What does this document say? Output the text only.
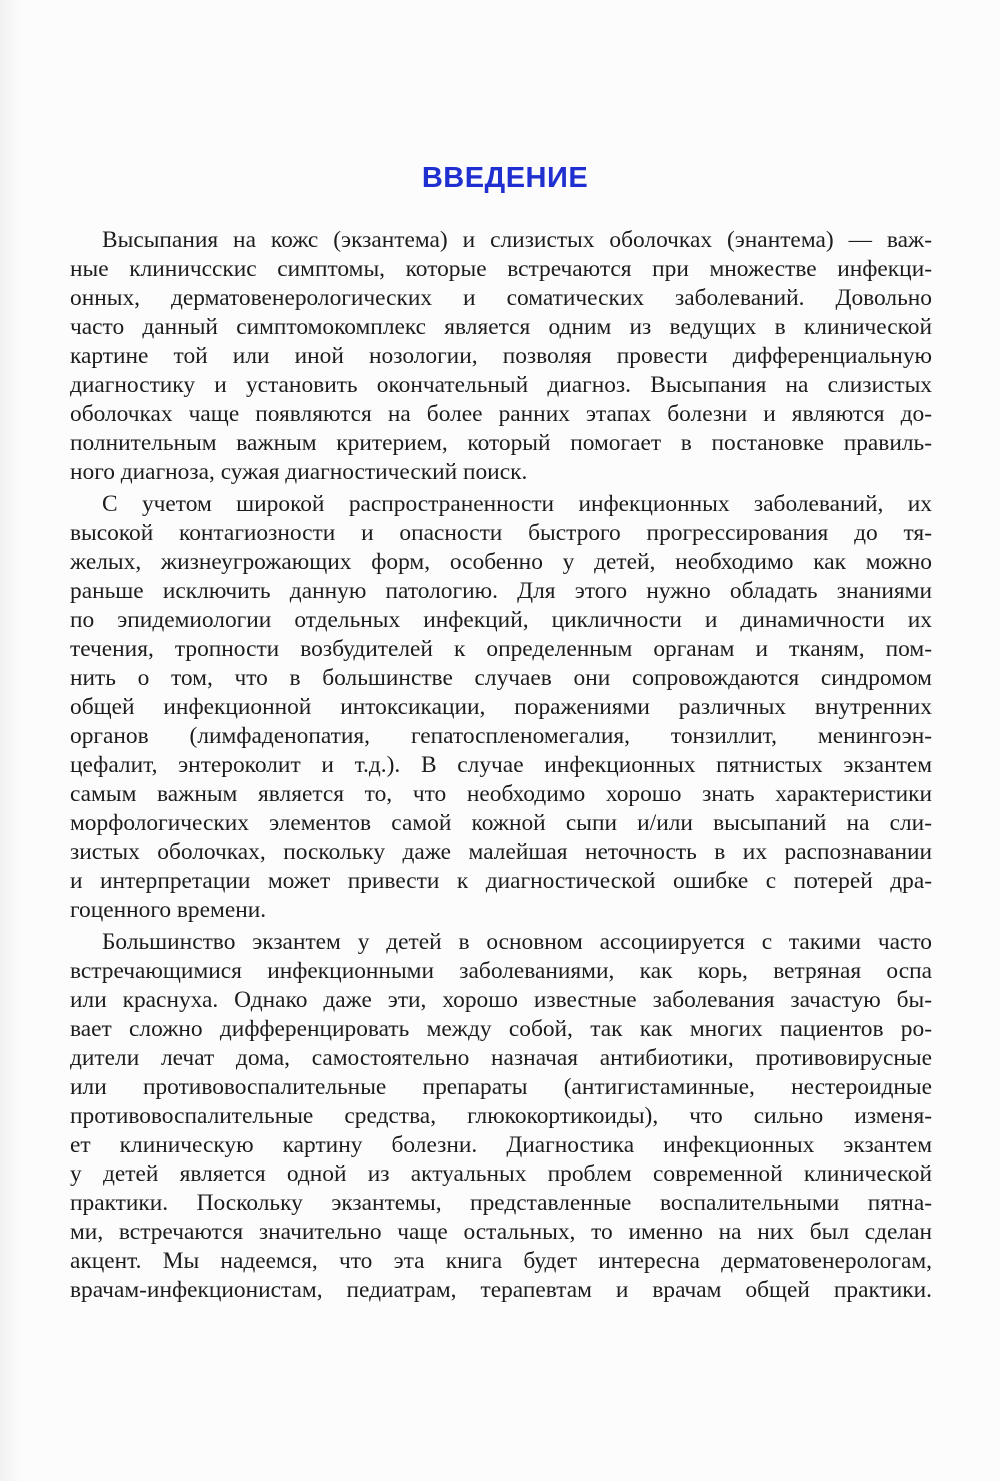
ВВЕДЕНИЕ
Высыпания на кожс (экзантема) и слизистых оболочках (энантема) — важ-
ные клиничсскис симптомы, которые встречаются при множестве инфекци-
онных, дерматовенерологических и соматических заболеваний. Довольно
часто данный симптомокомплекс является одним из ведущих в клинической
картине той или иной нозологии, позволяя провести дифференциальную
диагностику и установить окончательный диагноз. Высыпания на слизистых
оболочках чаще появляются на более ранних этапах болезни и являются до-
полнительным важным критерием, который помогает в постановке правиль-
ного диагноза, сужая диагностический поиск.
С учетом широкой распространенности инфекционных заболеваний, их
высокой контагиозности и опасности быстрого прогрессирования до тя-
желых, жизнеугрожающих форм, особенно у детей, необходимо как можно
раньше исключить данную патологию. Для этого нужно обладать знаниями
по эпидемиологии отдельных инфекций, цикличности и динамичности их
течения, тропности возбудителей к определенным органам и тканям, пом-
нить о том, что в большинстве случаев они сопровождаются синдромом
общей инфекционной интоксикации, поражениями различных внутренних
органов (лимфаденопатия, гепатоспленомегалия, тонзиллит, менингоэн-
цефалит, энтероколит и т.д.). В случае инфекционных пятнистых экзантем
самым важным является то, что необходимо хорошо знать характеристики
морфологических элементов самой кожной сыпи и/или высыпаний на сли-
зистых оболочках, поскольку даже малейшая неточность в их распознавании
и интерпретации может привести к диагностической ошибке с потерей дра-
гоценного времени.
Большинство экзантем у детей в основном ассоциируется с такими часто
встречающимися инфекционными заболеваниями, как корь, ветряная оспа
или краснуха. Однако даже эти, хорошо известные заболевания зачастую бы-
вает сложно дифференцировать между собой, так как многих пациентов ро-
дители лечат дома, самостоятельно назначая антибиотики, противовирусные
или противовоспалительные препараты (антигистаминные, нестероидные
противовоспалительные средства, глюкокортикоиды), что сильно изменя-
ет клиническую картину болезни. Диагностика инфекционных экзантем
у детей является одной из актуальных проблем современной клинической
практики. Поскольку экзантемы, представленные воспалительными пятна-
ми, встречаются значительно чаще остальных, то именно на них был сделан
акцент. Мы надеемся, что эта книга будет интересна дерматовенерологам,
врачам-инфекционистам, педиатрам, терапевтам и врачам общей практики.
